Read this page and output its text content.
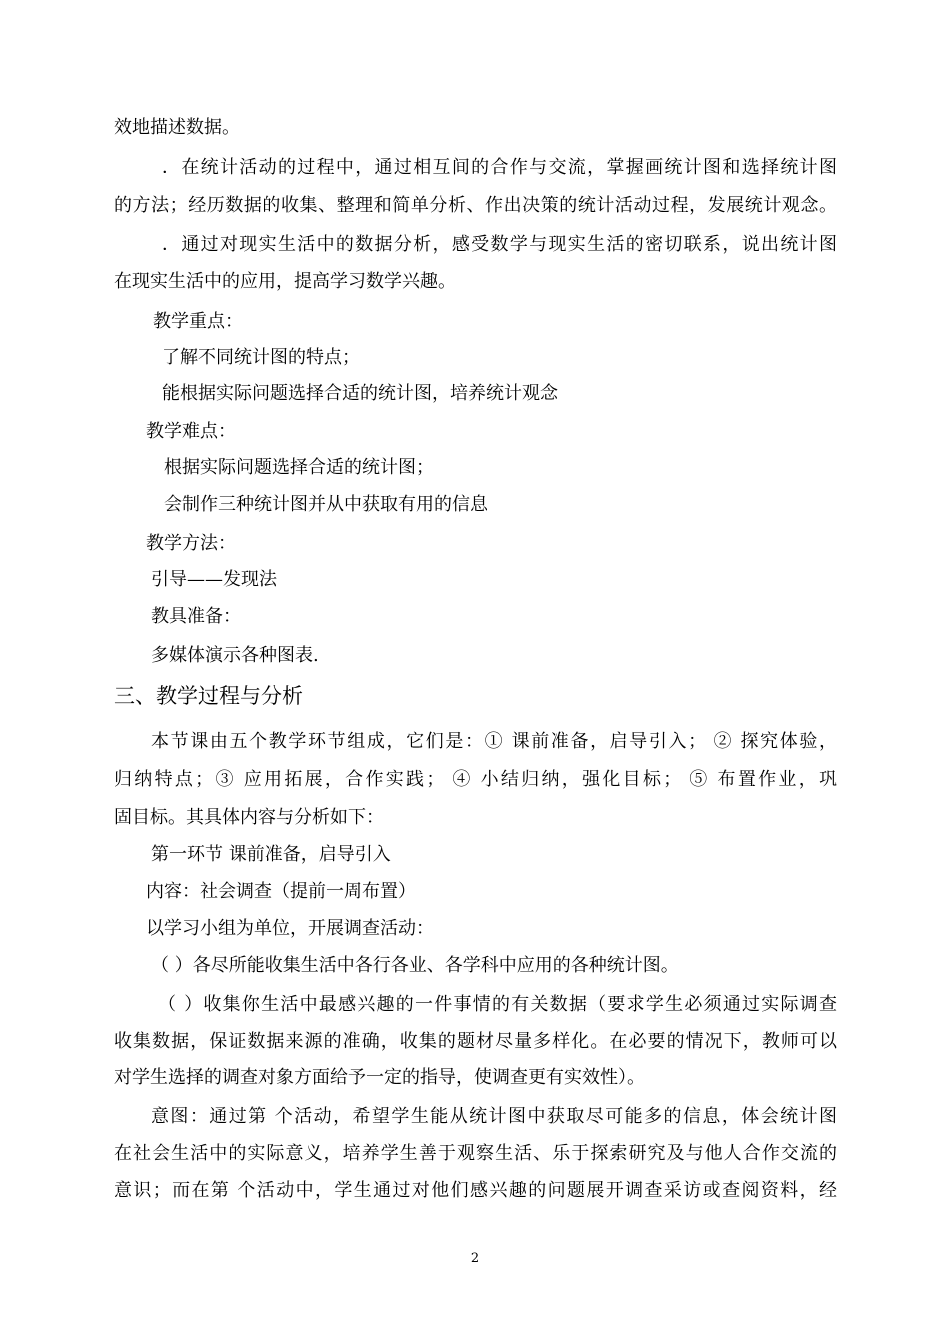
效地描述数据。
．在统计活动的过程中，通过相互间的合作与交流，掌握画统计图和选择统计图
的方法；经历数据的收集、整理和简单分析、作出决策的统计活动过程，发展统计观念。
．通过对现实生活中的数据分析，感受数学与现实生活的密切联系，说出统计图
在现实生活中的应用，提高学习数学兴趣。
教学重点：
了解不同统计图的特点；
能根据实际问题选择合适的统计图，培养统计观念
教学难点：
根据实际问题选择合适的统计图；
会制作三种统计图并从中获取有用的信息
教学方法：
引导——发现法
教具准备：
多媒体演示各种图表.
三、教学过程与分析
本节课由五个教学环节组成，它们是：① 课前准备，启导引入； ② 探究体验，
归纳特点；③ 应用拓展，合作实践； ④ 小结归纳，强化目标； ⑤ 布置作业，巩
固目标。其具体内容与分析如下：
第一环节 课前准备，启导引入
内容：社会调查（提前一周布置）
以学习小组为单位，开展调查活动：
（ ）各尽所能收集生活中各行各业、各学科中应用的各种统计图。
（ ）收集你生活中最感兴趣的一件事情的有关数据（要求学生必须通过实际调查
收集数据，保证数据来源的准确，收集的题材尽量多样化。在必要的情况下，教师可以
对学生选择的调查对象方面给予一定的指导，使调查更有实效性）。
意图：通过第 个活动，希望学生能从统计图中获取尽可能多的信息，体会统计图
在社会生活中的实际意义，培养学生善于观察生活、乐于探索研究及与他人合作交流的
意识；而在第 个活动中，学生通过对他们感兴趣的问题展开调查采访或查阅资料，经
2
